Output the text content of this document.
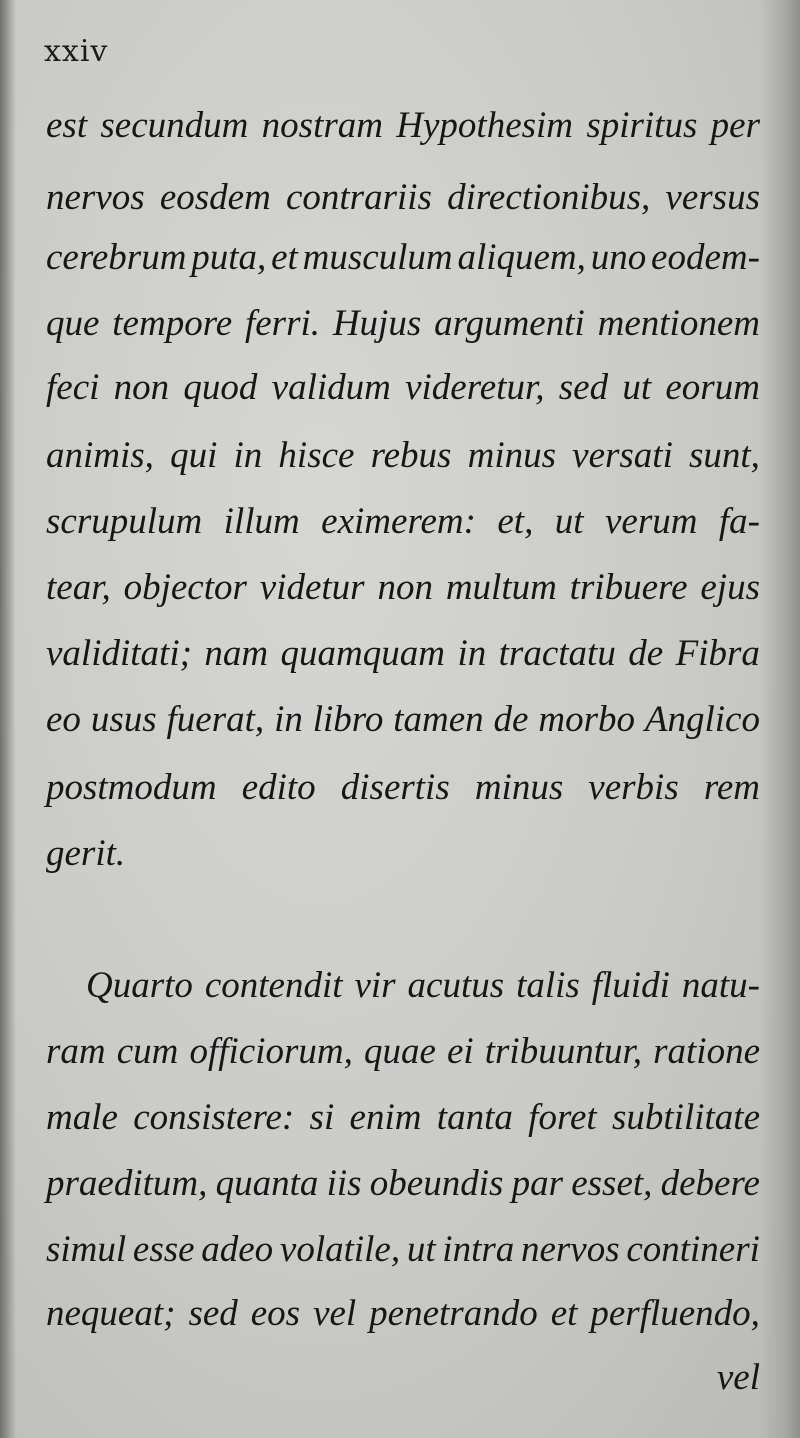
xxiv
est secundum nostram Hypothesim spiritus per
nervos eosdem contrariis directionibus, versus
cerebrum puta, et musculum aliquem, uno eodem-
que tempore ferri. Hujus argumenti mentionem
feci non quod validum videretur, sed ut eorum
animis, qui in hisce rebus minus versati sunt,
scrupulum illum eximerem: et, ut verum fa-
tear, objector videtur non multum tribuere ejus
validitati; nam quamquam in tractatu de Fibra
eo usus fuerat, in libro tamen de morbo Anglico
postmodum edito disertis minus verbis rem
gerit.
Quarto contendit vir acutus talis fluidi natu-
ram cum officiorum, quae ei tribuuntur, ratione
male consistere: si enim tanta foret subtilitate
praeditum, quanta iis obeundis par esset, debere
simul esse adeo volatile, ut intra nervos contineri
nequeat; sed eos vel penetrando et perfluendo,
vel
